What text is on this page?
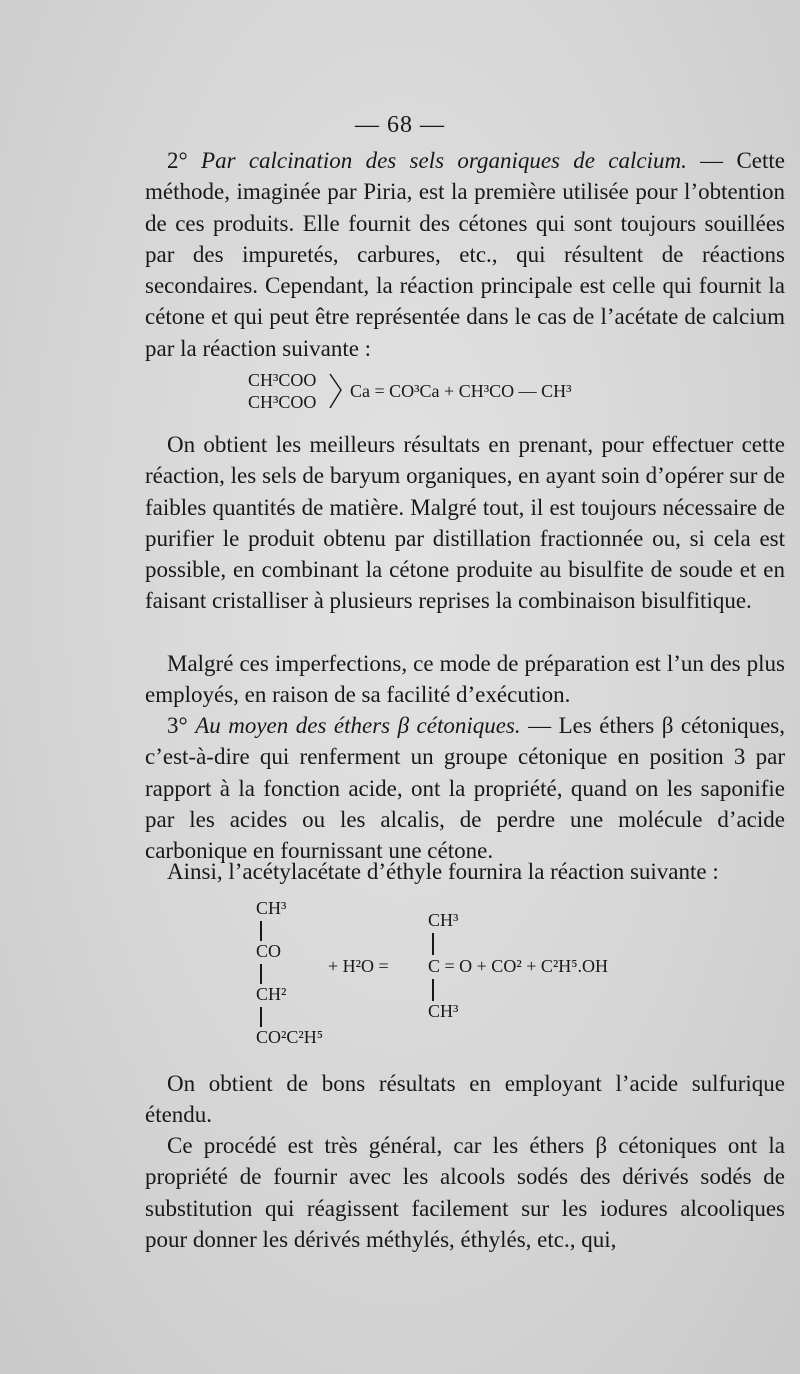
— 68 —

2° Par calcination des sels organiques de calcium. — Cette méthode, imaginée par Piria, est la première utilisée pour l’obtention de ces produits. Elle fournit des cétones qui sont toujours souillées par des impuretés, carbures, etc., qui résultent de réactions secondaires. Cependant, la réaction principale est celle qui fournit la cétone et qui peut être représentée dans le cas de l’acétate de calcium par la réaction suivante :

CH³COO
CH³COO
Ca = CO³Ca + CH³CO — CH³

On obtient les meilleurs résultats en prenant, pour effectuer cette réaction, les sels de baryum organiques, en ayant soin d’opérer sur de faibles quantités de matière. Malgré tout, il est toujours nécessaire de purifier le produit obtenu par distillation fractionnée ou, si cela est possible, en combinant la cétone produite au bisulfite de soude et en faisant cristalliser à plusieurs reprises la combinaison bisulfitique.

Malgré ces imperfections, ce mode de préparation est l’un des plus employés, en raison de sa facilité d’exécution.

3° Au moyen des éthers β cétoniques. — Les éthers β cétoniques, c’est-à-dire qui renferment un groupe cétonique en position 3 par rapport à la fonction acide, ont la propriété, quand on les saponifie par les acides ou les alcalis, de perdre une molécule d’acide carbonique en fournissant une cétone.

Ainsi, l’acétylacétate d’éthyle fournira la réaction suivante :

CH³
CO
CH²
CO²C²H⁵
+ H²O =
CH³
C = O + CO² + C²H⁵.OH
CH³

On obtient de bons résultats en employant l’acide sulfurique étendu.

Ce procédé est très général, car les éthers β cétoniques ont la propriété de fournir avec les alcools sodés des dérivés sodés de substitution qui réagissent facilement sur les iodures alcooliques pour donner les dérivés méthylés, éthylés, etc., qui,
